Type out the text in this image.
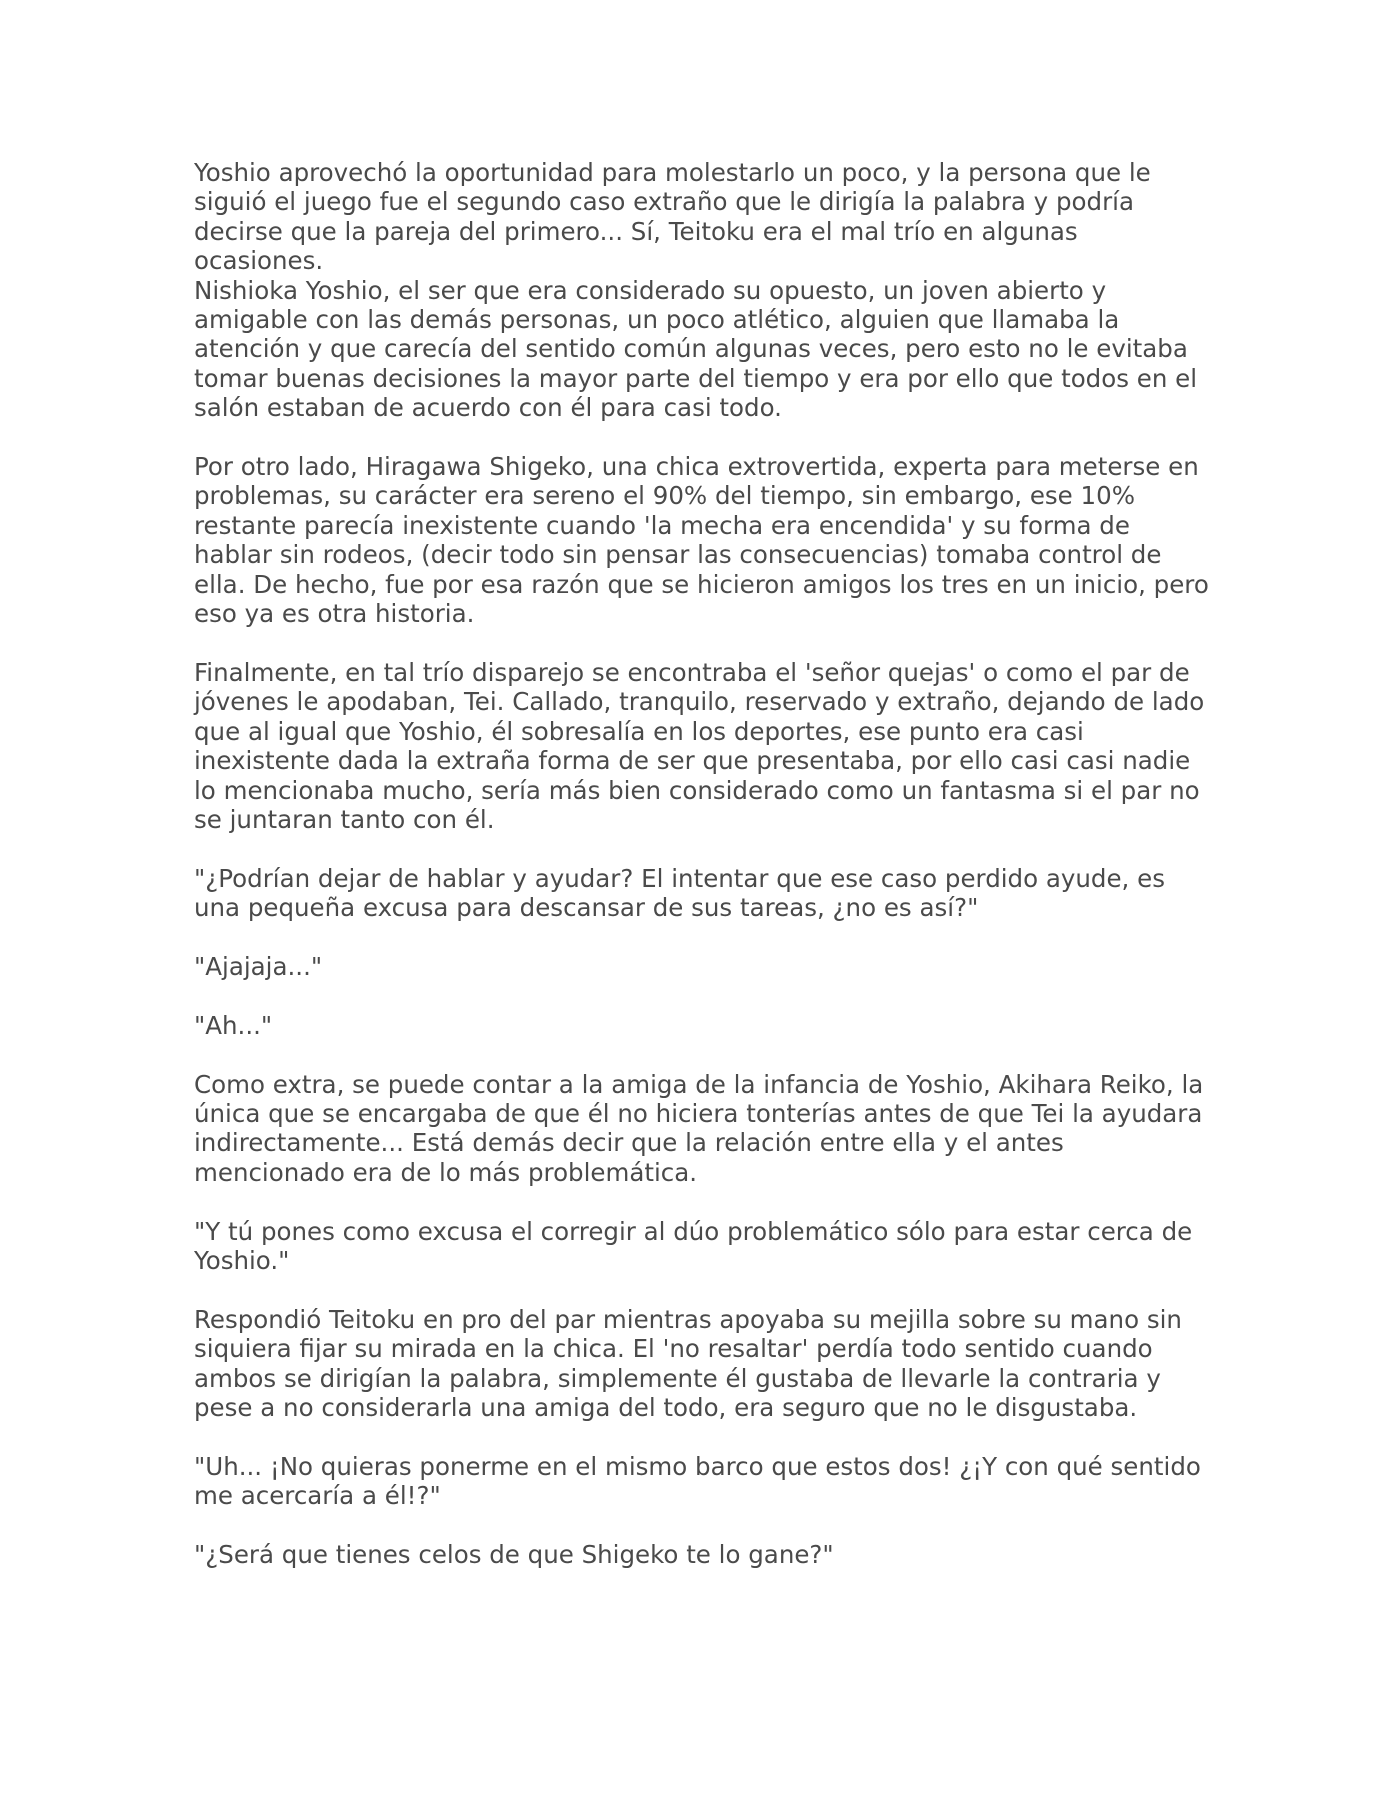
Yoshio aprovechó la oportunidad para molestarlo un poco, y la persona que le siguió el juego fue el segundo caso extraño que le dirigía la palabra y podría decirse que la pareja del primero... Sí, Teitoku era el mal trío en algunas ocasiones.

Nishioka Yoshio, el ser que era considerado su opuesto, un joven abierto y amigable con las demás personas, un poco atlético, alguien que llamaba la atención y que carecía del sentido común algunas veces, pero esto no le evitaba tomar buenas decisiones la mayor parte del tiempo y era por ello que todos en el salón estaban de acuerdo con él para casi todo.

Por otro lado, Hiragawa Shigeko, una chica extrovertida, experta para meterse en problemas, su carácter era sereno el 90% del tiempo, sin embargo, ese 10% restante parecía inexistente cuando 'la mecha era encendida' y su forma de hablar sin rodeos, (decir todo sin pensar las consecuencias) tomaba control de ella. De hecho, fue por esa razón que se hicieron amigos los tres en un inicio, pero eso ya es otra historia.

Finalmente, en tal trío disparejo se encontraba el 'señor quejas' o como el par de jóvenes le apodaban, Tei. Callado, tranquilo, reservado y extraño, dejando de lado que al igual que Yoshio, él sobresalía en los deportes, ese punto era casi inexistente dada la extraña forma de ser que presentaba, por ello casi casi nadie lo mencionaba mucho, sería más bien considerado como un fantasma si el par no se juntaran tanto con él.

"¿Podrían dejar de hablar y ayudar? El intentar que ese caso perdido ayude, es una pequeña excusa para descansar de sus tareas, ¿no es así?"

"Ajajaja..."

"Ah..."

Como extra, se puede contar a la amiga de la infancia de Yoshio, Akihara Reiko, la única que se encargaba de que él no hiciera tonterías antes de que Tei la ayudara indirectamente... Está demás decir que la relación entre ella y el antes mencionado era de lo más problemática.

"Y tú pones como excusa el corregir al dúo problemático sólo para estar cerca de Yoshio."

Respondió Teitoku en pro del par mientras apoyaba su mejilla sobre su mano sin siquiera fijar su mirada en la chica. El 'no resaltar' perdía todo sentido cuando ambos se dirigían la palabra, simplemente él gustaba de llevarle la contraria y pese a no considerarla una amiga del todo, era seguro que no le disgustaba.

"Uh... ¡No quieras ponerme en el mismo barco que estos dos! ¿¡Y con qué sentido me acercaría a él!?"

"¿Será que tienes celos de que Shigeko te lo gane?"
